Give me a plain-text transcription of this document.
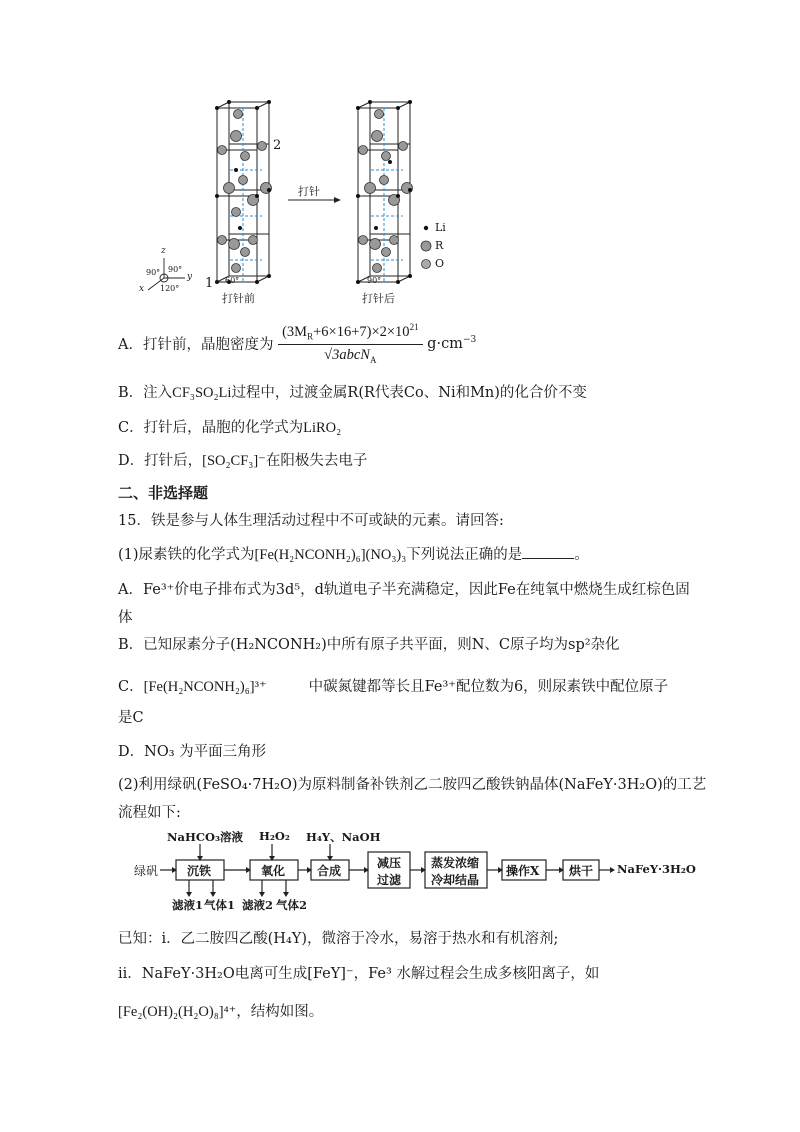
打针
打针前	打针后
1
2
Li
R
O
z
y
x
90° 90°
120°
60°	90°
A．打针前，晶胞密度为 $\frac{(3M_R+6\times 16+7)\times 2\times 10^{21}}{√3abcN_A} g\cdot cm^{-3}$
B．注入CF₃SO₂Li过程中，过渡金属R(R代表Co、Ni和Mn)的化合价不变
C．打针后，晶胞的化学式为LiRO₂
D．打针后，[SO₂CF₃]⁻在阳极失去电子
二、非选择题
15．铁是参与人体生理活动过程中不可或缺的元素。请回答:
(1)尿素铁的化学式为[Fe(H₂NCONH₂)₆](NO₃)₃下列说法正确的是	。
A．Fe³⁺价电子排布式为3d⁵，d轨道电子半充满稳定，因此Fe在纯氧中燃烧生成红棕色固
体
B．已知尿素分子(H₂NCONH₂)中所有原子共平面，则N、C原子均为sp²杂化
C．[Fe(H₂NCONH₂)₆]³⁺	中碳氮键都等长且Fe³⁺配位数为6，则尿素铁中配位原子
是C
D．NO₃ 为平面三角形
(2)利用绿矾(FeSO₄·7H₂O)为原料制备补铁剂乙二胺四乙酸铁钠晶体(NaFeY·3H₂O)的工艺
流程如下:
绿矾
NaHCO₃溶液 H₂O₂ H₄Y、NaOH
沉铁	氧化	合成
减压
过滤
蒸发浓缩
冷却结晶
操作X 烘干 NaFeY·3H₂O
滤液1 气体1 滤液2 气体2
已知：ⅰ．乙二胺四乙酸(H₄Y)，微溶于冷水，易溶于热水和有机溶剂;
ⅱ．NaFeY·3H₂O电离可生成[FeY]⁻，Fe³ 水解过程会生成多核阳离子，如
[Fe₂(OH)₂(H₂O)₈]⁴⁺，结构如图。
